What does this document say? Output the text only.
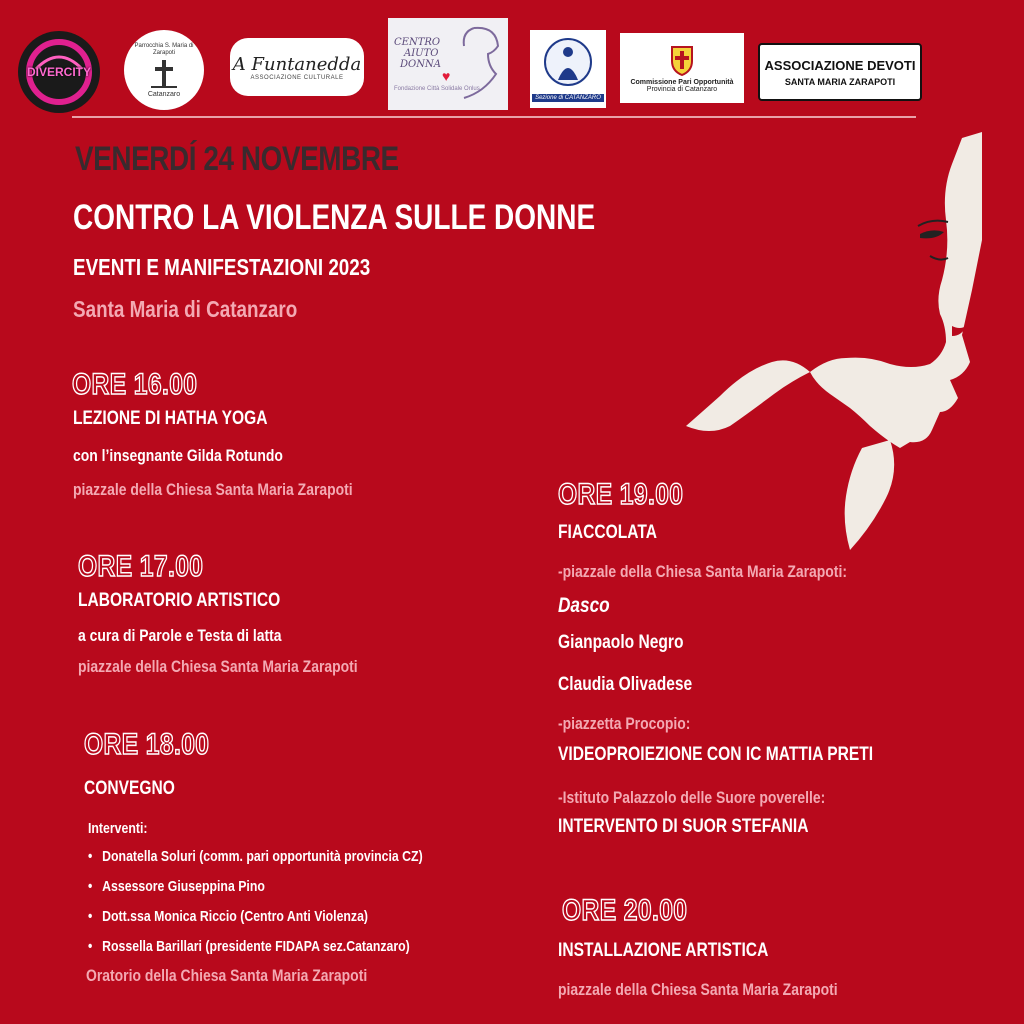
DIVERCITY
Parrocchia S. Maria di Zarapoti
Catanzaro
A Funtanedda
ASSOCIAZIONE CULTURALE
CENTRO
AIUTO
DONNA
♥
Fondazione Città Solidale Onlus
Sezione di CATANZARO
Commissione Pari Opportunità
Provincia di Catanzaro
ASSOCIAZIONE DEVOTI
SANTA MARIA ZARAPOTI
VENERDÍ 24 NOVEMBRE
CONTRO LA VIOLENZA SULLE DONNE
EVENTI E MANIFESTAZIONI 2023
Santa Maria di Catanzaro
ORE 16.00
LEZIONE DI HATHA YOGA
con l’insegnante Gilda Rotundo
piazzale della Chiesa Santa Maria Zarapoti
ORE 17.00
LABORATORIO ARTISTICO
a cura di Parole e Testa di latta
piazzale della Chiesa Santa Maria Zarapoti
ORE 18.00
CONVEGNO
Interventi:
• Donatella Soluri (comm. pari opportunità provincia CZ)
• Assessore Giuseppina Pino
• Dott.ssa Monica Riccio (Centro Anti Violenza)
• Rossella Barillari (presidente FIDAPA sez.Catanzaro)
Oratorio della Chiesa Santa Maria Zarapoti
ORE 19.00
FIACCOLATA
-piazzale della Chiesa Santa Maria Zarapoti:
Dasco
Gianpaolo Negro
Claudia Olivadese
-piazzetta Procopio:
VIDEOPROIEZIONE CON IC MATTIA PRETI
-Istituto Palazzolo delle Suore poverelle:
INTERVENTO DI SUOR STEFANIA
ORE 20.00
INSTALLAZIONE ARTISTICA
piazzale della Chiesa Santa Maria Zarapoti
